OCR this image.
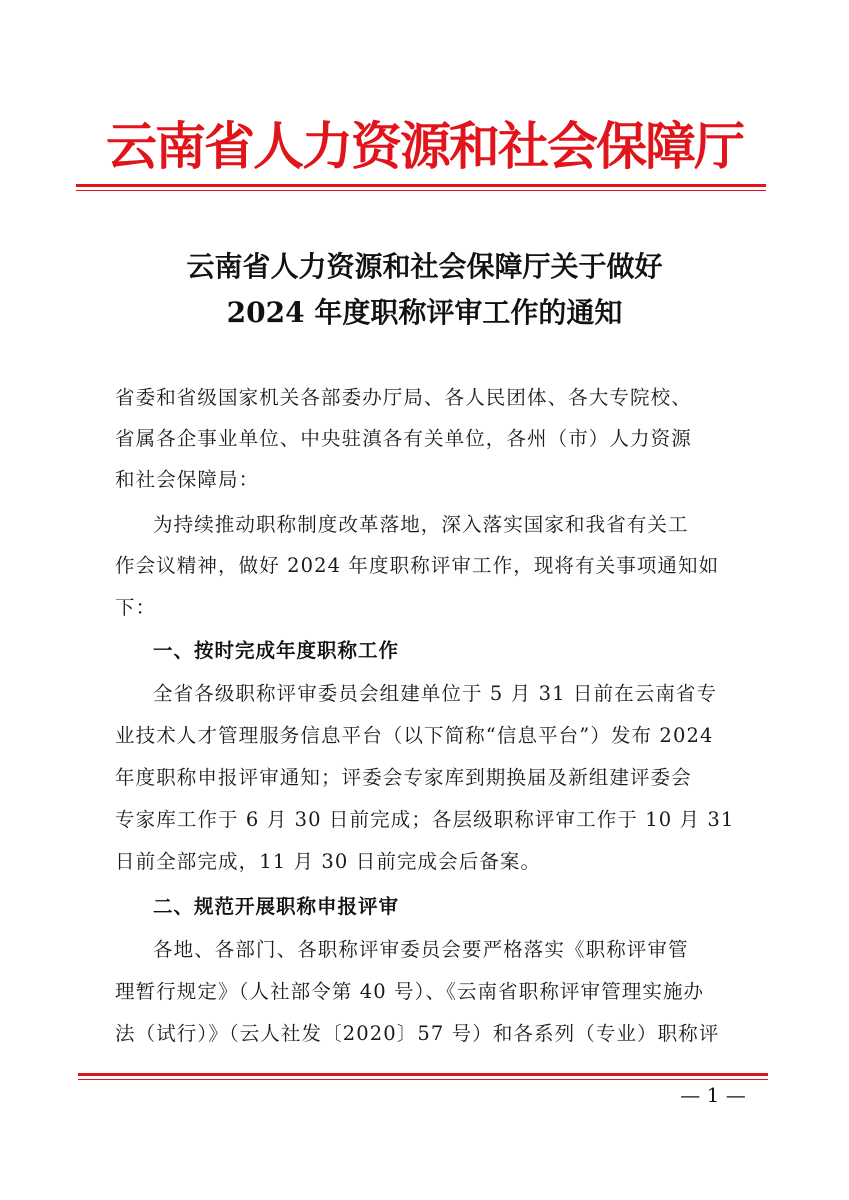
云南省人力资源和社会保障厅
云南省人力资源和社会保障厅关于做好
2024 年度职称评审工作的通知
省委和省级国家机关各部委办厅局、各人民团体、各大专院校、
省属各企事业单位、中央驻滇各有关单位，各州（市）人力资源
和社会保障局：
为持续推动职称制度改革落地，深入落实国家和我省有关工
作会议精神，做好 2024 年度职称评审工作，现将有关事项通知如
下：
一、按时完成年度职称工作
全省各级职称评审委员会组建单位于 5 月 31 日前在云南省专
业技术人才管理服务信息平台（以下简称“信息平台”）发布 2024
年度职称申报评审通知；评委会专家库到期换届及新组建评委会
专家库工作于 6 月 30 日前完成；各层级职称评审工作于 10 月 31
日前全部完成，11 月 30 日前完成会后备案。
二、规范开展职称申报评审
各地、各部门、各职称评审委员会要严格落实《职称评审管
理暂行规定》（人社部令第 40 号）、《云南省职称评审管理实施办
法（试行）》（云人社发〔2020〕57 号）和各系列（专业）职称评
— 1 —
